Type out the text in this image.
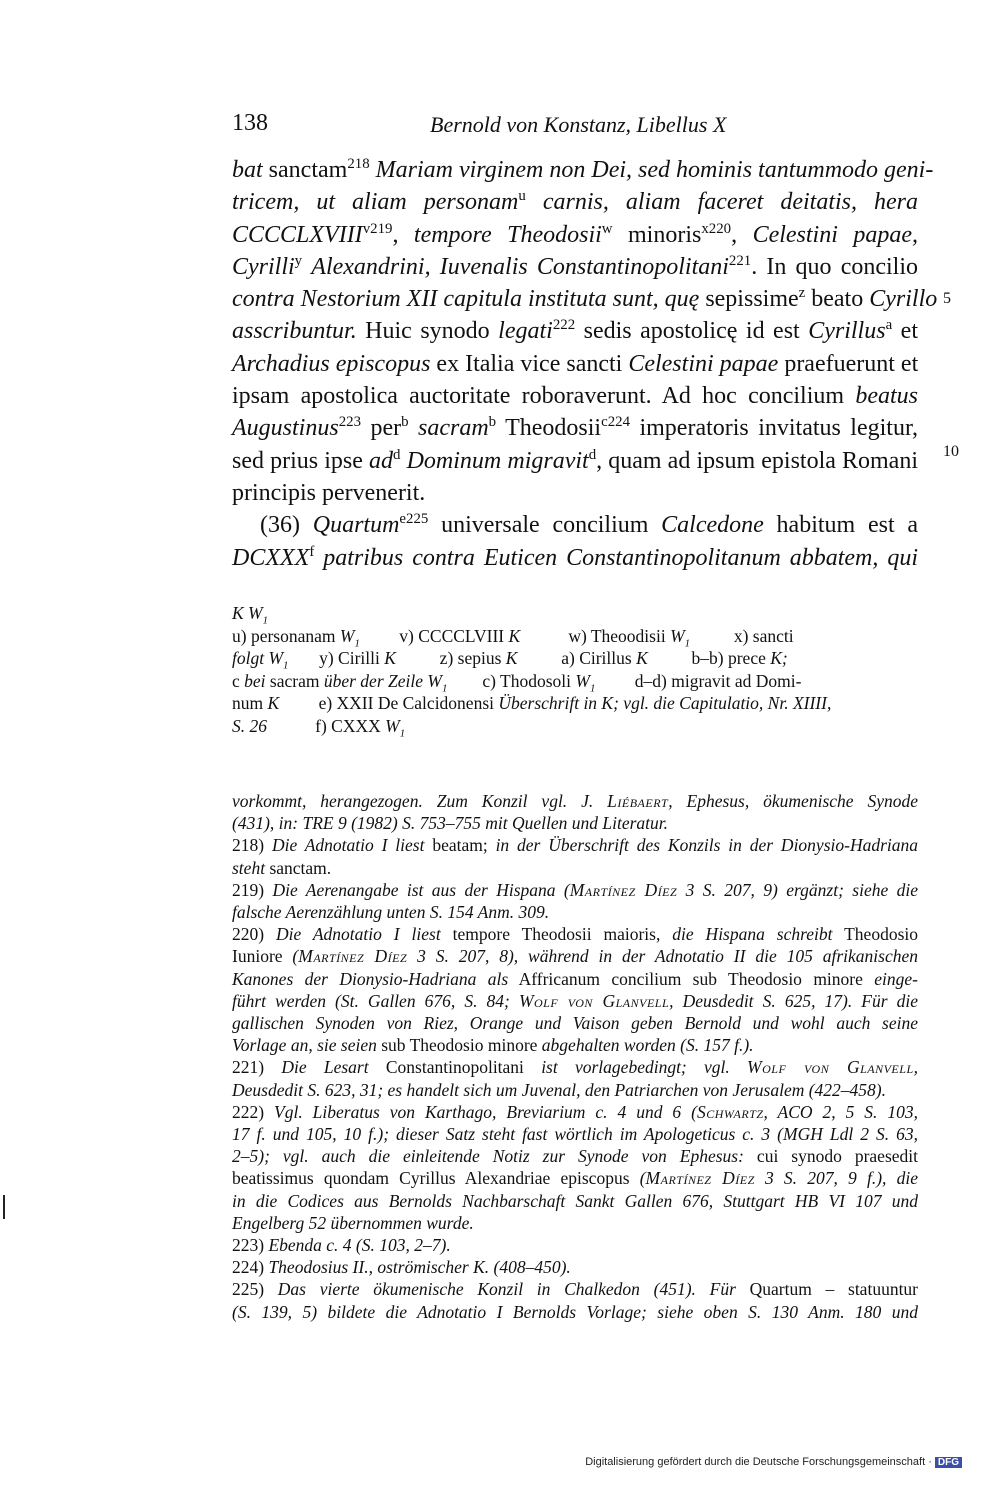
138	Bernold von Konstanz, Libellus X
bat sanctam$^{218}$ Mariam virginem non Dei, sed hominis tantummodo geni-
tricem, ut aliam personam$^u$ carnis, aliam faceret deitatis, hera
$CCCCLXVIII^{v219}$, tempore Theodosii$^w$ minoris$^{x220}$, Celestini papae,
Cyrilli$^y$ Alexandrini, Iuvenalis Constantinopolitani$^{221}$. In quo concilio
contra Nestorium XII capitula instituta sunt, quę sepissime$^z$ beato Cyrillo
asscribuntur. Huic synodo legati$^{222}$ sedis apostolicę id est Cyrillus$^a$ et
Archadius episcopus ex Italia vice sancti Celestini papae praefuerunt et
ipsam apostolica auctoritate roboraverunt. Ad hoc concilium beatus
Augustinus$^{223}$ per$^b$ sacram$^b$ Theodosii$^{c224}$ imperatoris invitatus legitur,
sed prius ipse $ad^d$ Dominum migravit$^d$, quam ad ipsum epistola Romani
principis pervenerit.
(36) Quartum$^{e225}$ universale concilium Calcedone habitum est a
DCXXX$^f$ patribus contra Euticen Constantinopolitanum abbatem, qui
5
10
K $W_1$
u) personanam $W_1$         v) CCCCLVIII K           w) Theoodisii $W_1$          x) sancti
folgt $W_1$       y) Cirilli K          z) sepius K          a) Cirillus K          b–b) prece K;
c bei sacram über der Zeile $W_1$        c) Thodosoli $W_1$         d–d) migravit ad Domi-
num K         e) XXII De Calcidonensi Überschrift in K; vgl. die Capitulatio, Nr. XIIII,
S. 26           f) CXXX $W_1$
vorkommt, herangezogen. Zum Konzil vgl. J. Liébaert, Ephesus, ökumenische Synode
(431), in: TRE 9 (1982) S. 753–755 mit Quellen und Literatur.
218) Die Adnotatio I liest beatam; in der Überschrift des Konzils in der Dionysio-Hadriana
steht sanctam.
219) Die Aerenangabe ist aus der Hispana (Martínez Díez 3 S. 207, 9) ergänzt; siehe die
falsche Aerenzählung unten S. 154 Anm. 309.
220) Die Adnotatio I liest tempore Theodosii maioris, die Hispana schreibt Theodosio
Iuniore (Martínez Díez 3 S. 207, 8), während in der Adnotatio II die 105 afrikanischen
Kanones der Dionysio-Hadriana als Affricanum concilium sub Theodosio minore einge-
führt werden (St. Gallen 676, S. 84; Wolf von Glanvell, Deusdedit S. 625, 17). Für die
gallischen Synoden von Riez, Orange und Vaison geben Bernold und wohl auch seine
Vorlage an, sie seien sub Theodosio minore abgehalten worden (S. 157 f.).
221) Die Lesart Constantinopolitani ist vorlagebedingt; vgl. Wolf von Glanvell,
Deusdedit S. 623, 31; es handelt sich um Juvenal, den Patriarchen von Jerusalem (422–458).
222) Vgl. Liberatus von Karthago, Breviarium c. 4 und 6 (Schwartz, ACO 2, 5 S. 103,
17 f. und 105, 10 f.); dieser Satz steht fast wörtlich im Apologeticus c. 3 (MGH Ldl 2 S. 63,
2–5); vgl. auch die einleitende Notiz zur Synode von Ephesus: cui synodo praesedit
beatissimus quondam Cyrillus Alexandriae episcopus (Martínez Díez 3 S. 207, 9 f.), die
in die Codices aus Bernolds Nachbarschaft Sankt Gallen 676, Stuttgart HB VI 107 und
Engelberg 52 übernommen wurde.
223) Ebenda c. 4 (S. 103, 2–7).
224) Theodosius II., oströmischer K. (408–450).
225) Das vierte ökumenische Konzil in Chalkedon (451). Für Quartum – statuuntur
(S. 139, 5) bildete die Adnotatio I Bernolds Vorlage; siehe oben S. 130 Anm. 180 und
Digitalisierung gefördert durch die Deutsche Forschungsgemeinschaft · DFG
